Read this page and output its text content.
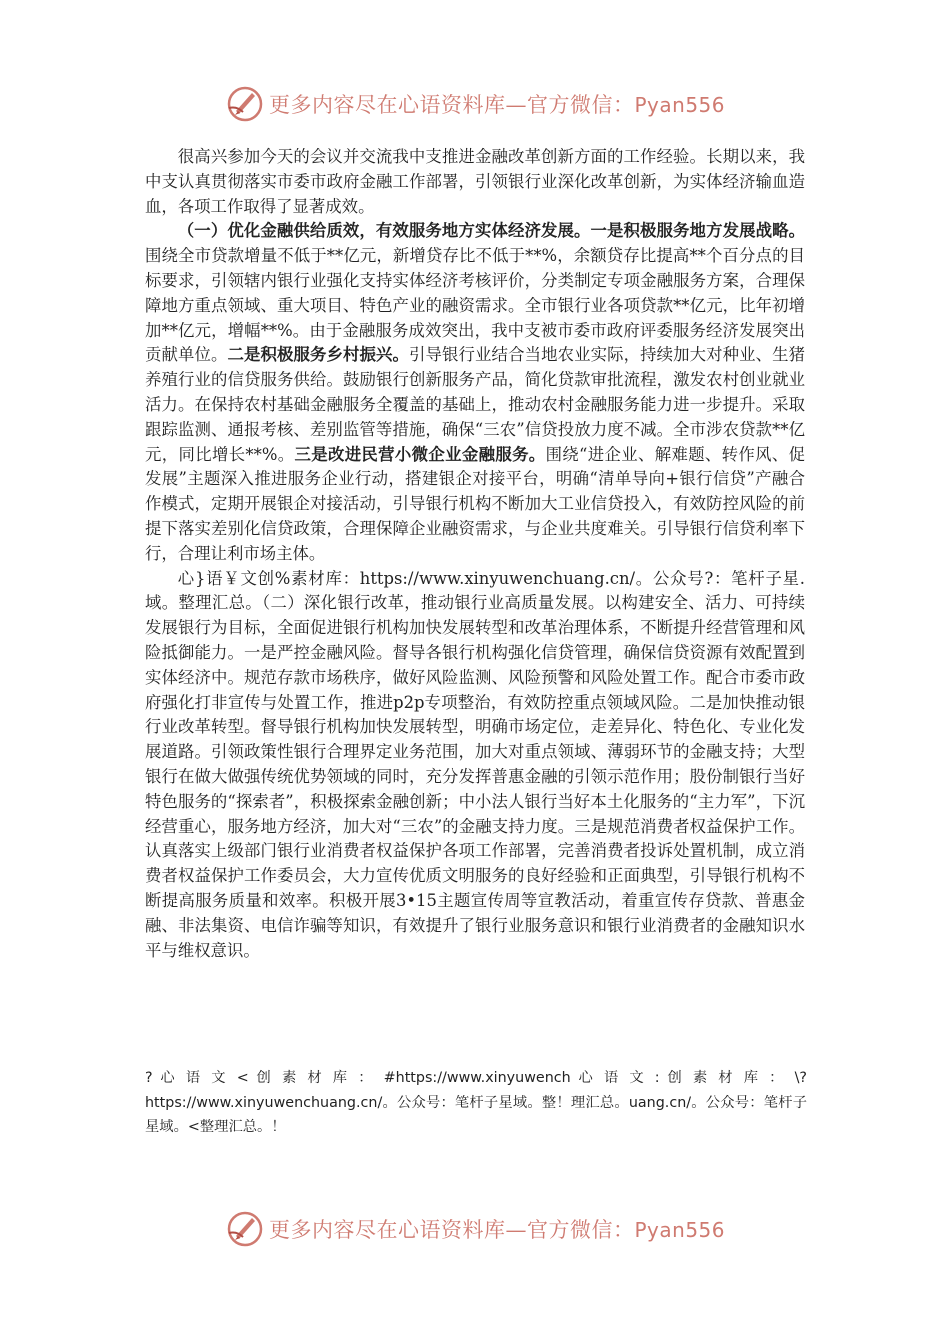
更多内容尽在心语资料库—官方微信：Pyan556

很高兴参加今天的会议并交流我中支推进金融改革创新方面的工作经验。长期以来，我中支认真贯彻落实市委市政府金融工作部署，引领银行业深化改革创新，为实体经济输血造血，各项工作取得了显著成效。

（一）优化金融供给质效，有效服务地方实体经济发展。一是积极服务地方发展战略。围绕全市贷款增量不低于**亿元，新增贷存比不低于**%，余额贷存比提高**个百分点的目标要求，引领辖内银行业强化支持实体经济考核评价，分类制定专项金融服务方案，合理保障地方重点领域、重大项目、特色产业的融资需求。全市银行业各项贷款**亿元，比年初增加**亿元，增幅**%。由于金融服务成效突出，我中支被市委市政府评委服务经济发展突出贡献单位。二是积极服务乡村振兴。引导银行业结合当地农业实际，持续加大对种业、生猪养殖行业的信贷服务供给。鼓励银行创新服务产品，简化贷款审批流程，激发农村创业就业活力。在保持农村基础金融服务全覆盖的基础上，推动农村金融服务能力进一步提升。采取跟踪监测、通报考核、差别监管等措施，确保“三农”信贷投放力度不减。全市涉农贷款**亿元，同比增长**%。三是改进民营小微企业金融服务。围绕“进企业、解难题、转作风、促发展”主题深入推进服务企业行动，搭建银企对接平台，明确“清单导向+银行信贷”产融合作模式，定期开展银企对接活动，引导银行机构不断加大工业信贷投入，有效防控风险的前提下落实差别化信贷政策，合理保障企业融资需求，与企业共度难关。引导银行信贷利率下行，合理让利市场主体。

心}语￥文创%素材库：https://www.xinyuwenchuang.cn/。公众号?：笔杆子星.域。整理汇总。（二）深化银行改革，推动银行业高质量发展。以构建安全、活力、可持续发展银行为目标，全面促进银行机构加快发展转型和改革治理体系，不断提升经营管理和风险抵御能力。一是严控金融风险。督导各银行机构强化信贷管理，确保信贷资源有效配置到实体经济中。规范存款市场秩序，做好风险监测、风险预警和风险处置工作。配合市委市政府强化打非宣传与处置工作，推进p2p专项整治，有效防控重点领域风险。二是加快推动银行业改革转型。督导银行机构加快发展转型，明确市场定位，走差异化、特色化、专业化发展道路。引领政策性银行合理界定业务范围，加大对重点领域、薄弱环节的金融支持；大型银行在做大做强传统优势领域的同时，充分发挥普惠金融的引领示范作用；股份制银行当好特色服务的“探索者”，积极探索金融创新；中小法人银行当好本土化服务的“主力军”，下沉经营重心，服务地方经济，加大对“三农”的金融支持力度。三是规范消费者权益保护工作。认真落实上级部门银行业消费者权益保护各项工作部署，完善消费者投诉处置机制，成立消费者权益保护工作委员会，大力宣传优质文明服务的良好经验和正面典型，引导银行机构不断提高服务质量和效率。积极开展3•15主题宣传周等宣教活动，着重宣传存贷款、普惠金融、非法集资、电信诈骗等知识，有效提升了银行业服务意识和银行业消费者的金融知识水平与维权意识。

? 心 语 文 < 创 素 材 库 ： #https://www.xinyuwench 心 语 文 : 创 素 材 库 ： \?https://www.xinyuwenchuang.cn/。公众号：笔杆子星域。整！理汇总。uang.cn/。公众号：笔杆子星域。<整理汇总。！
更多内容尽在心语资料库—官方微信：Pyan556
